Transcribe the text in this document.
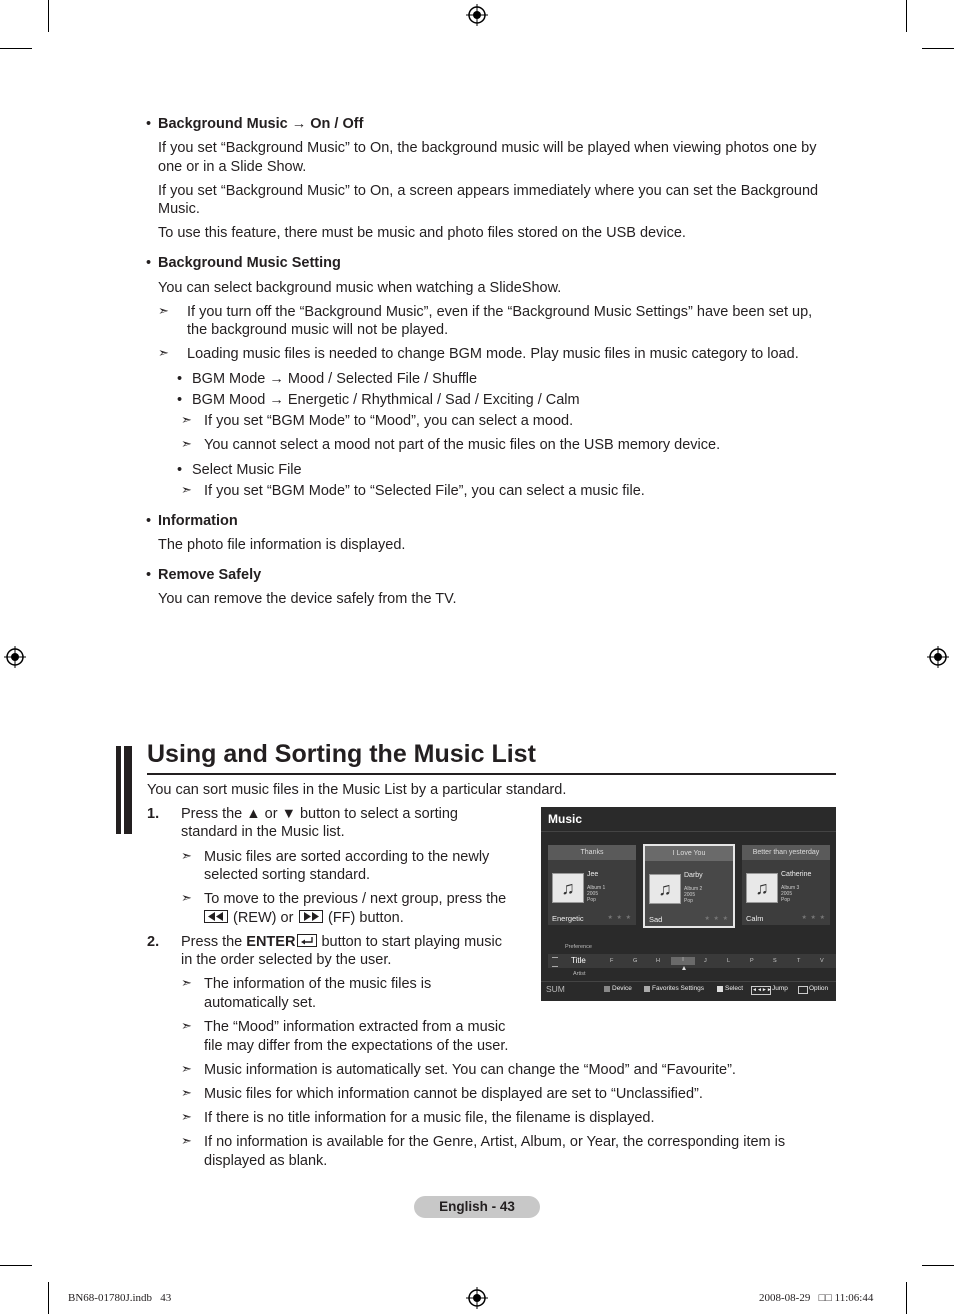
• Background Music → On / Off
If you set “Background Music” to On, the background music will be played when viewing photos one by
one or in a Slide Show.
If you set “Background Music” to On, a screen appears immediately where you can set the Background
Music.
To use this feature, there must be music and photo files stored on the USB device.
• Background Music Setting
You can select background music when watching a SlideShow.
➣ If you turn off the “Background Music”, even if the “Background Music Settings” have been set up,
the background music will not be played.
➣ Loading music files is needed to change BGM mode. Play music files in music category to load.
• BGM Mode → Mood / Selected File / Shuffle
• BGM Mood → Energetic / Rhythmical / Sad / Exciting / Calm
➣ If you set “BGM Mode” to “Mood”, you can select a mood.
➣ You cannot select a mood not part of the music files on the USB memory device.
• Select Music File
➣ If you set “BGM Mode” to “Selected File”, you can select a music file.
• Information
The photo file information is displayed.
• Remove Safely
You can remove the device safely from the TV.
Using and Sorting the Music List
You can sort music files in the Music List by a particular standard.
1. Press the ▲ or ▼ button to select a sorting
standard in the Music list.
➣ Music files are sorted according to the newly
selected sorting standard.
➣ To move to the previous / next group, press the
(REW) or (FF) button.
2. Press the ENTER button to start playing music
in the order selected by the user.
➣ The information of the music files is
automatically set.
➣ The “Mood” information extracted from a music
file may differ from the expectations of the user.
➣ Music information is automatically set. You can change the “Mood” and “Favourite”.
➣ Music files for which information cannot be displayed are set to “Unclassified”.
➣ If there is no title information for a music file, the filename is displayed.
➣ If no information is available for the Genre, Artist, Album, or Year, the corresponding item is
displayed as blank.
Music
Thanks
♫
Jee
Album 1
2005
Pop
Energetic	★ ★ ★
I Love You
♫
Darby
Album 2
2005
Pop
Sad	★ ★ ★
Better than yesterday
♫
Catherine
Album 3
2005
Pop
Calm	★ ★ ★
Preference
Title
Artist
F	G	H	I	J	L	P	S	T	V
SUM	Device	Favorites Settings	Select ◄◄►► Jump	Option
English - 43
BN68-01780J.indb   43	2008-08-29   □□ 11:06:44
